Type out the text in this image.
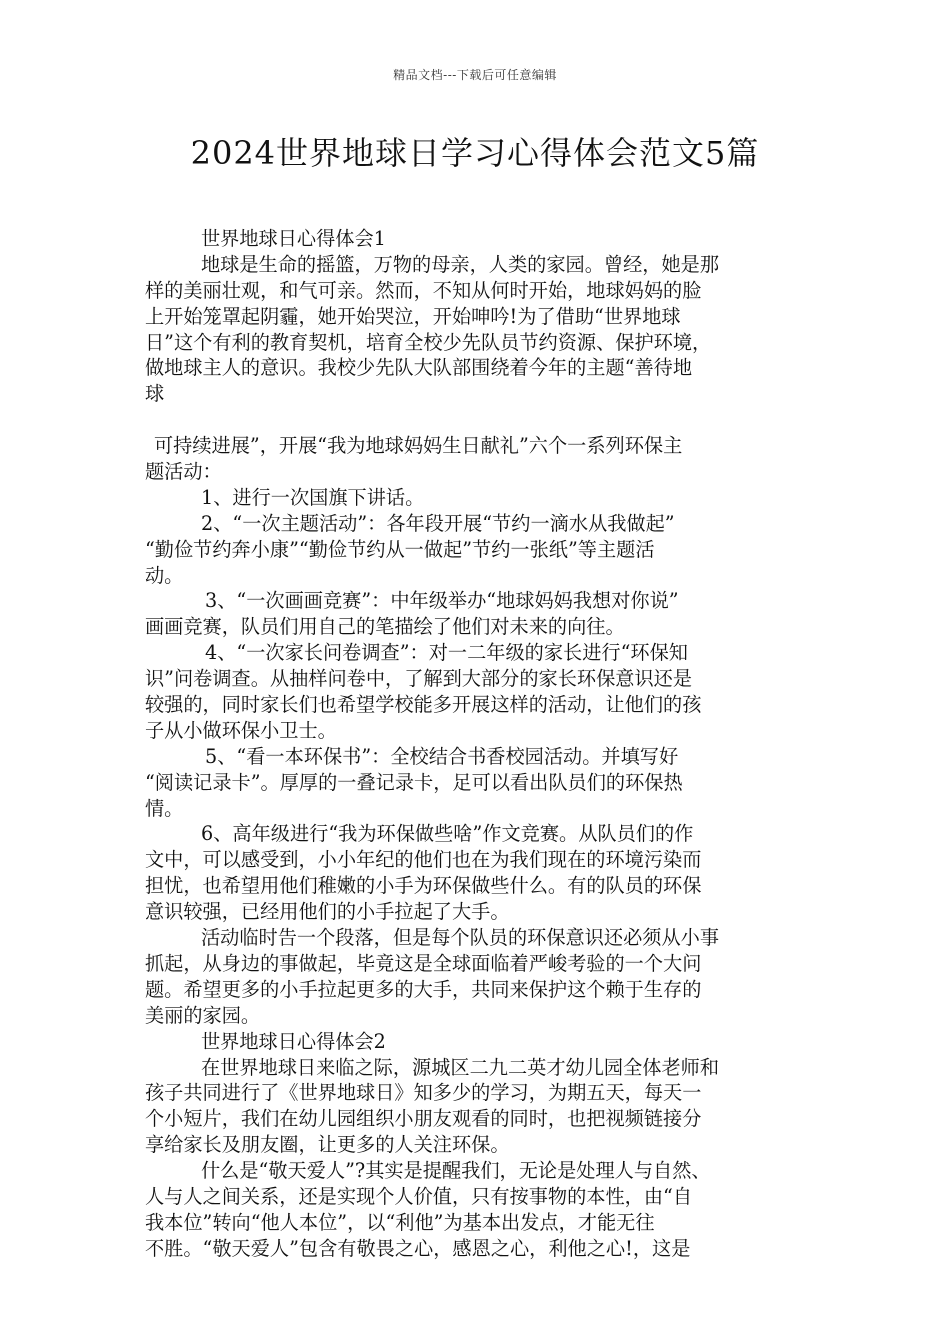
精品文档---下载后可任意编辑
2024世界地球日学习心得体会范文5篇

世界地球日心得体会1

地球是生命的摇篮，万物的母亲，人类的家园。曾经，她是那

样的美丽壮观，和气可亲。然而，不知从何时开始，地球妈妈的脸

上开始笼罩起阴霾，她开始哭泣，开始呻吟!为了借助“世界地球

日”这个有利的教育契机，培育全校少先队员节约资源、保护环境，

做地球主人的意识。我校少先队大队部围绕着今年的主题“善待地

球

可持续进展”，开展“我为地球妈妈生日献礼”六个一系列环保主

题活动：

1、进行一次国旗下讲话。

2、“一次主题活动”：各年段开展“节约一滴水从我做起”

“勤俭节约奔小康”“勤俭节约从一做起”节约一张纸”等主题活

动。

3、“一次画画竞赛”：中年级举办“地球妈妈我想对你说”

画画竞赛，队员们用自己的笔描绘了他们对未来的向往。

4、“一次家长问卷调查”：对一二年级的家长进行“环保知

识”问卷调查。从抽样问卷中，了解到大部分的家长环保意识还是

较强的，同时家长们也希望学校能多开展这样的活动，让他们的孩

子从小做环保小卫士。

5、“看一本环保书”：全校结合书香校园活动。并填写好

“阅读记录卡”。厚厚的一叠记录卡，足可以看出队员们的环保热

情。

6、高年级进行“我为环保做些啥”作文竞赛。从队员们的作

文中，可以感受到，小小年纪的他们也在为我们现在的环境污染而

担忧，也希望用他们稚嫩的小手为环保做些什么。有的队员的环保

意识较强，已经用他们的小手拉起了大手。

活动临时告一个段落，但是每个队员的环保意识还必须从小事

抓起，从身边的事做起，毕竟这是全球面临着严峻考验的一个大问

题。希望更多的小手拉起更多的大手，共同来保护这个赖于生存的

美丽的家园。

世界地球日心得体会2

在世界地球日来临之际，源城区二九二英才幼儿园全体老师和

孩子共同进行了《世界地球日》知多少的学习，为期五天，每天一

个小短片，我们在幼儿园组织小朋友观看的同时，也把视频链接分

享给家长及朋友圈，让更多的人关注环保。

什么是“敬天爱人”?其实是提醒我们，无论是处理人与自然、

人与人之间关系，还是实现个人价值，只有按事物的本性，由“自

我本位”转向“他人本位”，以“利他”为基本出发点，才能无往

不胜。“敬天爱人”包含有敬畏之心，感恩之心，利他之心!，这是
